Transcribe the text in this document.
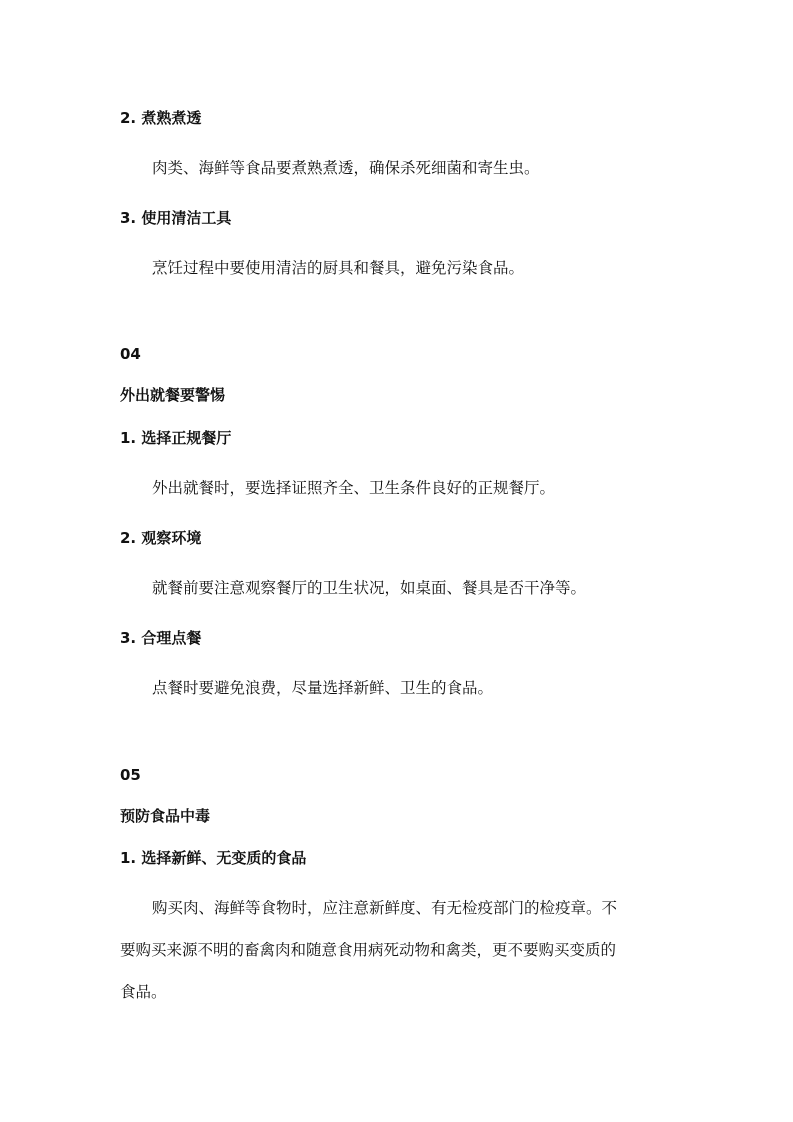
2. 煮熟煮透
肉类、海鲜等食品要煮熟煮透，确保杀死细菌和寄生虫。
3. 使用清洁工具
烹饪过程中要使用清洁的厨具和餐具，避免污染食品。
04
外出就餐要警惕
1. 选择正规餐厅
外出就餐时，要选择证照齐全、卫生条件良好的正规餐厅。
2. 观察环境
就餐前要注意观察餐厅的卫生状况，如桌面、餐具是否干净等。
3. 合理点餐
点餐时要避免浪费，尽量选择新鲜、卫生的食品。
05
预防食品中毒
1. 选择新鲜、无变质的食品
购买肉、海鲜等食物时，应注意新鲜度、有无检疫部门的检疫章。不
要购买来源不明的畜禽肉和随意食用病死动物和禽类，更不要购买变质的
食品。
